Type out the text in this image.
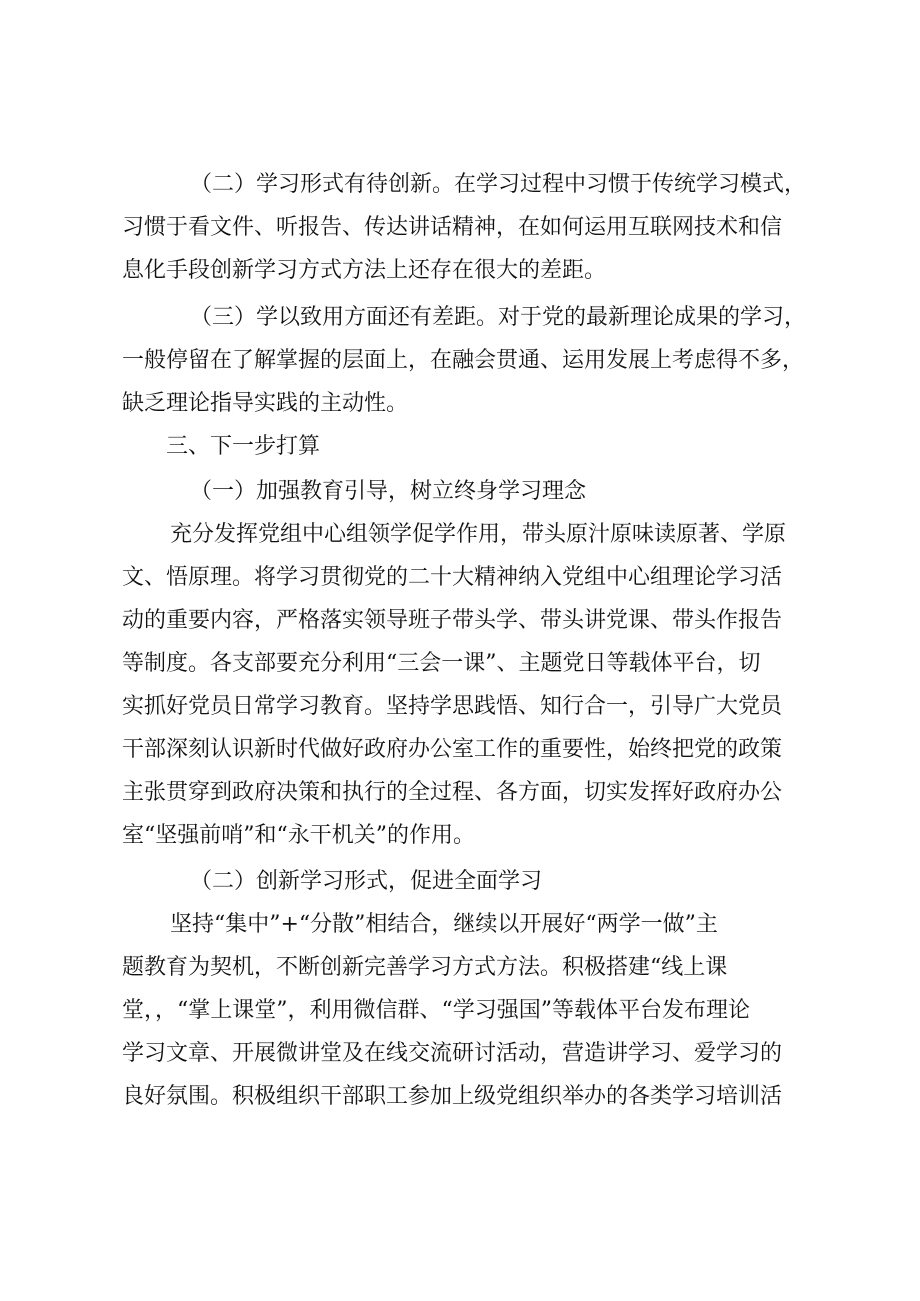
（二）学习形式有待创新。在学习过程中习惯于传统学习模式，
习惯于看文件、听报告、传达讲话精神，在如何运用互联网技术和信
息化手段创新学习方式方法上还存在很大的差距。
（三）学以致用方面还有差距。对于党的最新理论成果的学习，
一般停留在了解掌握的层面上，在融会贯通、运用发展上考虑得不多，
缺乏理论指导实践的主动性。
三、下一步打算
（一）加强教育引导，树立终身学习理念
充分发挥党组中心组领学促学作用，带头原汁原味读原著、学原
文、悟原理。将学习贯彻党的二十大精神纳入党组中心组理论学习活
动的重要内容，严格落实领导班子带头学、带头讲党课、带头作报告
等制度。各支部要充分利用“三会一课”、主题党日等载体平台，切
实抓好党员日常学习教育。坚持学思践悟、知行合一，引导广大党员
干部深刻认识新时代做好政府办公室工作的重要性，始终把党的政策
主张贯穿到政府决策和执行的全过程、各方面，切实发挥好政府办公
室“坚强前哨”和“永干机关”的作用。
（二）创新学习形式，促进全面学习
坚持“集中”+“分散”相结合，继续以开展好“两学一做”主
题教育为契机，不断创新完善学习方式方法。积极搭建“线上课
堂，，“掌上课堂”，利用微信群、“学习强国”等载体平台发布理论
学习文章、开展微讲堂及在线交流研讨活动，营造讲学习、爱学习的
良好氛围。积极组织干部职工参加上级党组织举办的各类学习培训活
